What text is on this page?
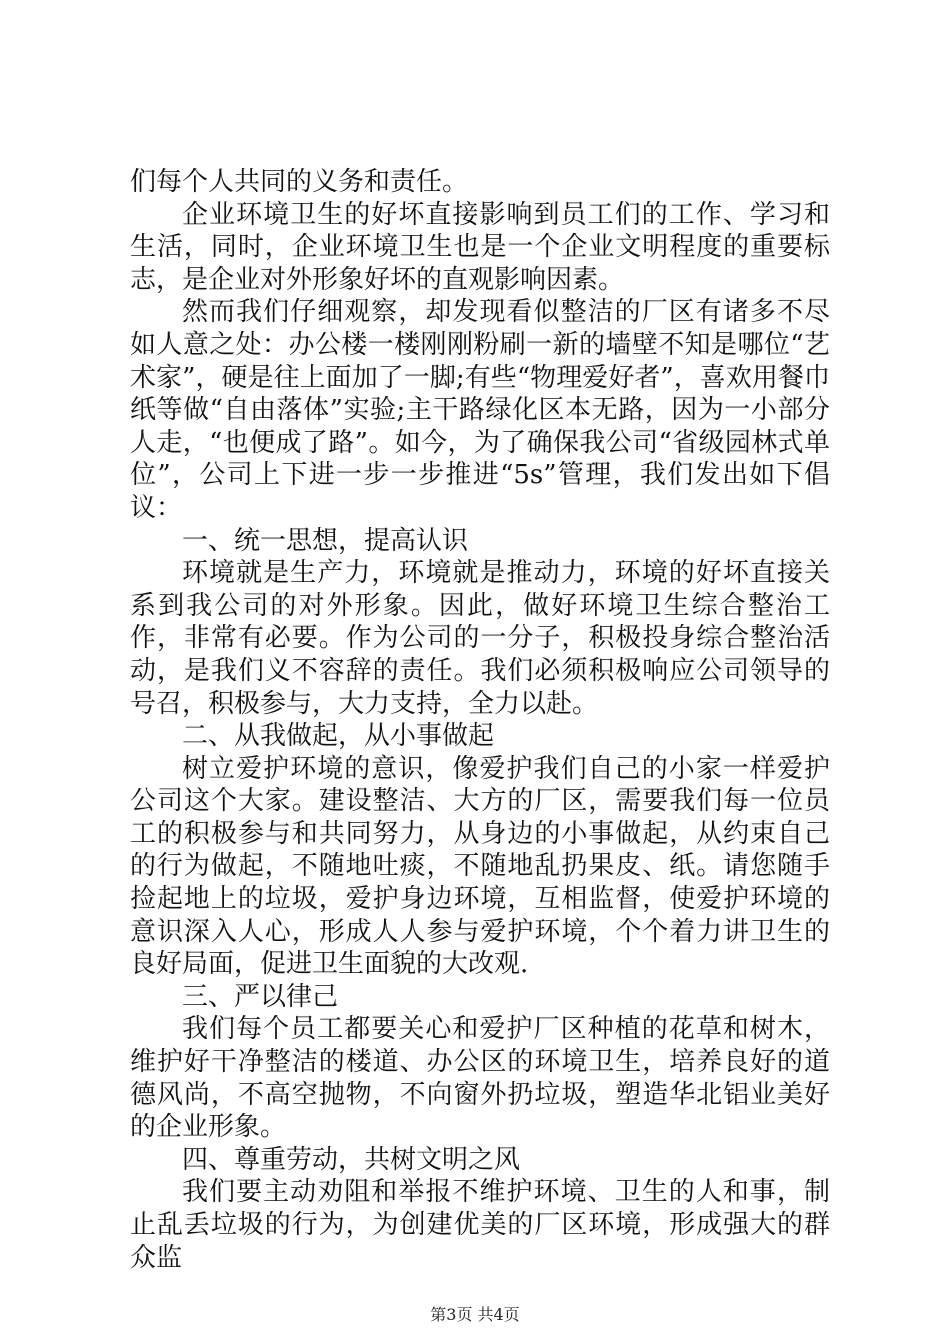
们每个人共同的义务和责任。

企业环境卫生的好坏直接影响到员工们的工作、学习和生活，同时，企业环境卫生也是一个企业文明程度的重要标志，是企业对外形象好坏的直观影响因素。

然而我们仔细观察，却发现看似整洁的厂区有诸多不尽如人意之处：办公楼一楼刚刚粉刷一新的墙壁不知是哪位“艺术家”，硬是往上面加了一脚;有些“物理爱好者”，喜欢用餐巾纸等做“自由落体”实验;主干路绿化区本无路，因为一小部分人走，“也便成了路”。如今，为了确保我公司“省级园林式单位”，公司上下进一步一步推进“5s”管理，我们发出如下倡议：

一、统一思想，提高认识

环境就是生产力，环境就是推动力，环境的好坏直接关系到我公司的对外形象。因此，做好环境卫生综合整治工作，非常有必要。作为公司的一分子，积极投身综合整治活动，是我们义不容辞的责任。我们必须积极响应公司领导的号召，积极参与，大力支持，全力以赴。

二、从我做起，从小事做起

树立爱护环境的意识，像爱护我们自己的小家一样爱护公司这个大家。建设整洁、大方的厂区，需要我们每一位员工的积极参与和共同努力，从身边的小事做起，从约束自己的行为做起，不随地吐痰，不随地乱扔果皮、纸。请您随手捡起地上的垃圾，爱护身边环境，互相监督，使爱护环境的意识深入人心，形成人人参与爱护环境，个个着力讲卫生的良好局面，促进卫生面貌的大改观.

三、严以律己

我们每个员工都要关心和爱护厂区种植的花草和树木，维护好干净整洁的楼道、办公区的环境卫生，培养良好的道德风尚，不高空抛物，不向窗外扔垃圾，塑造华北铝业美好的企业形象。

四、尊重劳动，共树文明之风

我们要主动劝阻和举报不维护环境、卫生的人和事，制止乱丢垃圾的行为，为创建优美的厂区环境，形成强大的群众监

第3页 共4页
